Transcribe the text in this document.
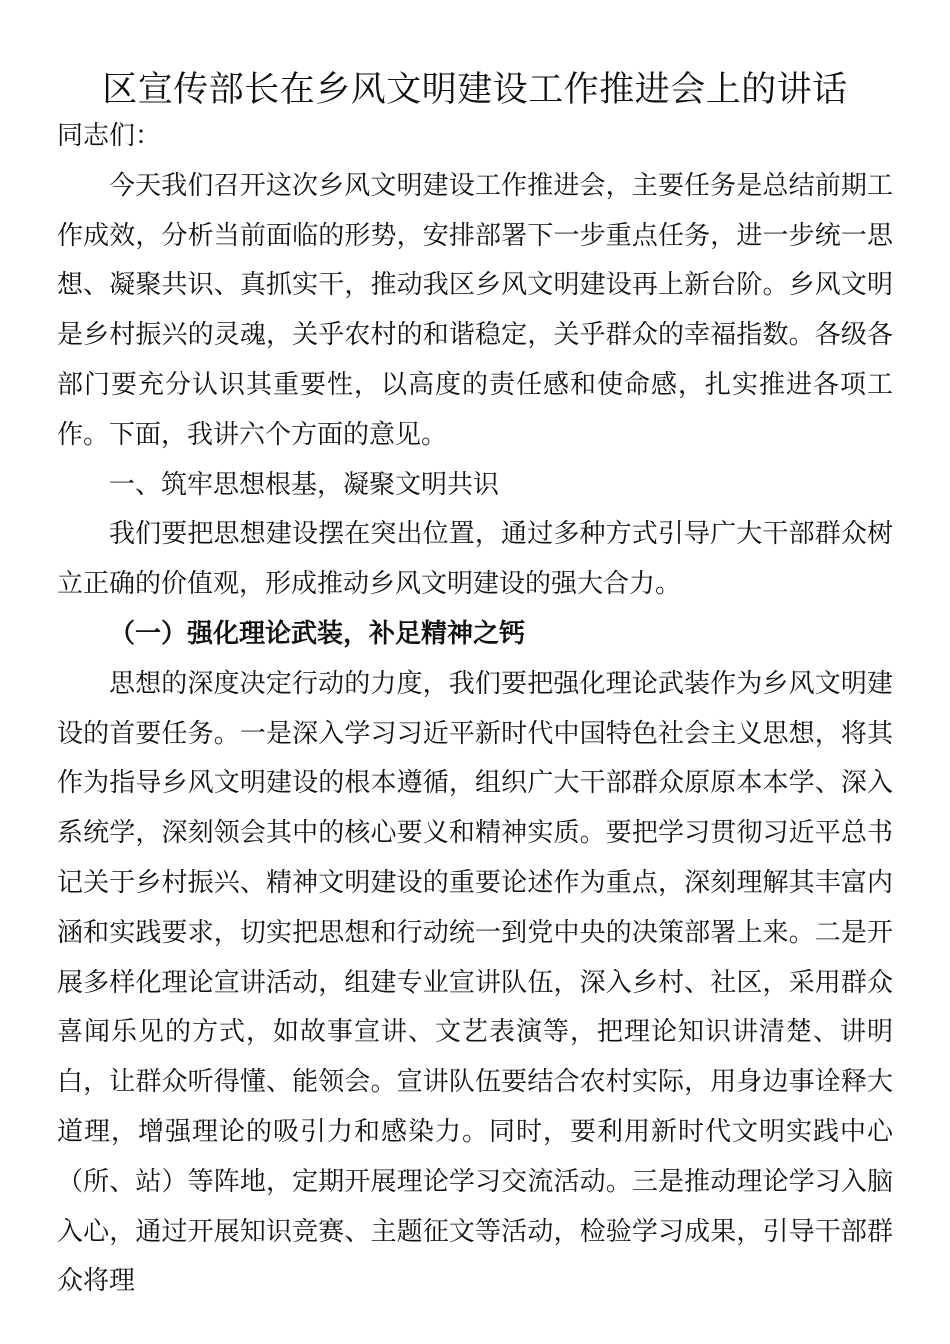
区宣传部长在乡风文明建设工作推进会上的讲话

同志们：

今天我们召开这次乡风文明建设工作推进会，主要任务是总结前期工作成效，分析当前面临的形势，安排部署下一步重点任务，进一步统一思想、凝聚共识、真抓实干，推动我区乡风文明建设再上新台阶。乡风文明是乡村振兴的灵魂，关乎农村的和谐稳定，关乎群众的幸福指数。各级各部门要充分认识其重要性，以高度的责任感和使命感，扎实推进各项工作。下面，我讲六个方面的意见。

一、筑牢思想根基，凝聚文明共识

我们要把思想建设摆在突出位置，通过多种方式引导广大干部群众树立正确的价值观，形成推动乡风文明建设的强大合力。

（一）强化理论武装，补足精神之钙

思想的深度决定行动的力度，我们要把强化理论武装作为乡风文明建设的首要任务。一是深入学习习近平新时代中国特色社会主义思想，将其作为指导乡风文明建设的根本遵循，组织广大干部群众原原本本学、深入系统学，深刻领会其中的核心要义和精神实质。要把学习贯彻习近平总书记关于乡村振兴、精神文明建设的重要论述作为重点，深刻理解其丰富内涵和实践要求，切实把思想和行动统一到党中央的决策部署上来。二是开展多样化理论宣讲活动，组建专业宣讲队伍，深入乡村、社区，采用群众喜闻乐见的方式，如故事宣讲、文艺表演等，把理论知识讲清楚、讲明白，让群众听得懂、能领会。宣讲队伍要结合农村实际，用身边事诠释大道理，增强理论的吸引力和感染力。同时，要利用新时代文明实践中心（所、站）等阵地，定期开展理论学习交流活动。三是推动理论学习入脑入心，通过开展知识竞赛、主题征文等活动，检验学习成果，引导干部群众将理
